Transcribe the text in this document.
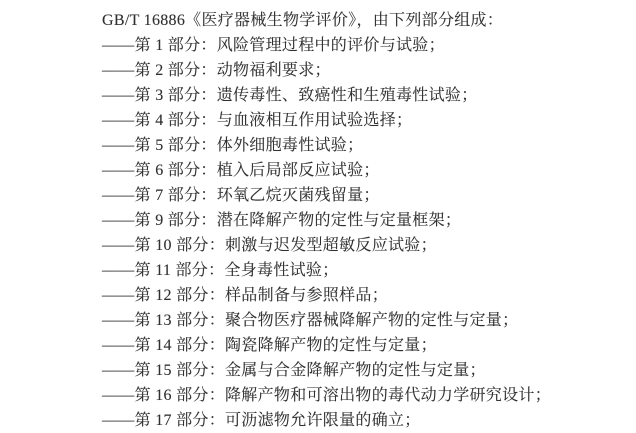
GB/T 16886《医疗器械生物学评价》，由下列部分组成：
——第 1 部分：风险管理过程中的评价与试验；
——第 2 部分：动物福利要求；
——第 3 部分：遗传毒性、致癌性和生殖毒性试验；
——第 4 部分：与血液相互作用试验选择；
——第 5 部分：体外细胞毒性试验；
——第 6 部分：植入后局部反应试验；
——第 7 部分：环氧乙烷灭菌残留量；
——第 9 部分：潜在降解产物的定性与定量框架；
——第 10 部分：刺激与迟发型超敏反应试验；
——第 11 部分：全身毒性试验；
——第 12 部分：样品制备与参照样品；
——第 13 部分：聚合物医疗器械降解产物的定性与定量；
——第 14 部分：陶瓷降解产物的定性与定量；
——第 15 部分：金属与合金降解产物的定性与定量；
——第 16 部分：降解产物和可溶出物的毒代动力学研究设计；
——第 17 部分：可沥滤物允许限量的确立；
